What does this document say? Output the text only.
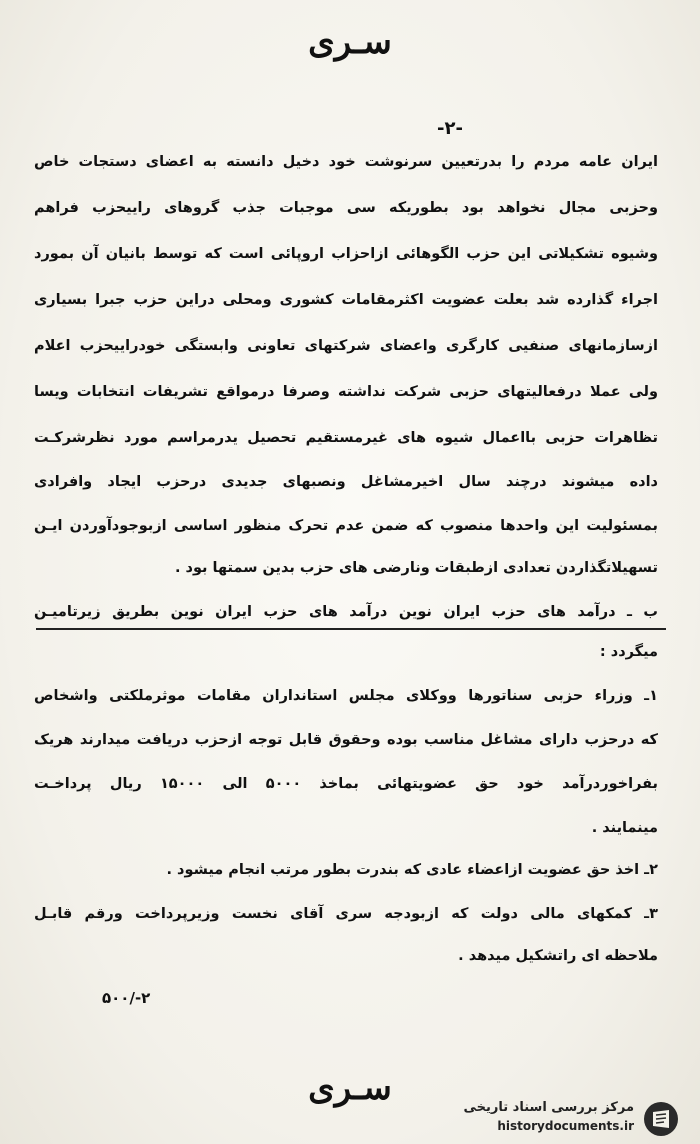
سـرى
-۲-
ایران عامه مردم را بدرتعیین سرنوشت خود دخیل دانسته به اعضای دستجات خاص
وحزبی مجال نخواهد بود بطوریکه سی موجبات جذب گروهای راییحزب فراهم
وشیوه تشکیلاتی این حزب الگوهائی ازاحزاب اروپائی است که توسط بانیان آن بمورد
اجراء گذارده شد بعلت عضویت اکثرمقامات کشوری ومحلی دراین حزب جبرا بسیاری
ازسازمانهای صنفیی کارگری واعضای شرکتهای تعاونی وابستگی خودراییحزب اعلام
ولی عملا درفعالیتهای حزبی شرکت نداشته وصرفا درمواقع تشریفات انتخابات ویسا
تظاهرات حزبی بااعمال شیوه های غیرمستقیم تحصیل یدرمراسم مورد نظرشرکـت
داده میشوند درچند سال اخیرمشاغل ونصبهای جدیدی درحزب ایجاد وافرادی
بمسئولیت این واحدها منصوب که ضمن عدم تحرک منظور اساسی ازبوجودآوردن ایـن
تسهیلاتگذاردن تعدادی ازطبقات ونارضی های حزب بدین سمتها بود .
ب ـ درآمد های حزب ایران نوین درآمد های حزب ایران نوین بطریق زیرتامیـن
میگردد :
۱ـ وزراء حزبی سناتورها ووکلای مجلس استانداران مقامات موثرملکتی واشخاص
که درحزب دارای مشاغل مناسب بوده وحقوق قابل توجه ازحزب دریافت میدارند هریک
بفراخوردرآمد خود حق عضویتهائی بماخذ ۵۰۰۰ الی ۱۵۰۰۰ ریال پرداخـت
مینمایند .
۲ـ اخذ حق عضویت ازاعضاء عادی که بندرت بطور مرتب انجام میشود .
۳ـ کمکهای مالی دولت که ازبودجه سری آقای نخست وزیرپرداخت ورقم قابـل
ملاحظه ای راتشکیل میدهد .
۵۰۰/-۲
سـرى	مرکز بررسی اسناد تاریخی
historydocuments.ir
